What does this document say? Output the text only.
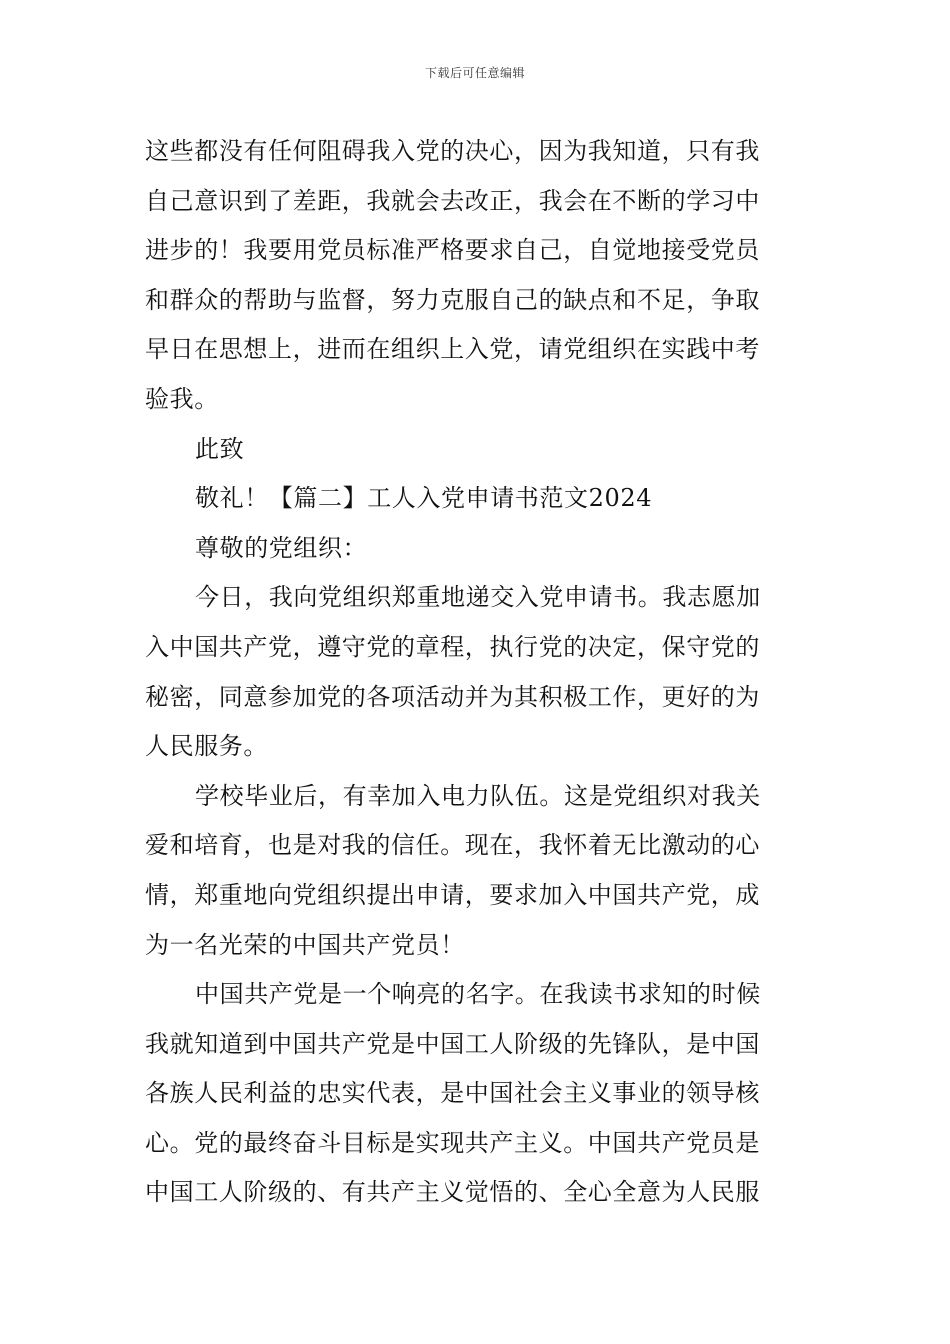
下载后可任意编辑
这些都没有任何阻碍我入党的决心，因为我知道，只有我
自己意识到了差距，我就会去改正，我会在不断的学习中
进步的！我要用党员标准严格要求自己，自觉地接受党员
和群众的帮助与监督，努力克服自己的缺点和不足，争取
早日在思想上，进而在组织上入党，请党组织在实践中考
验我。
此致
敬礼！【篇二】工人入党申请书范文2024
尊敬的党组织：
今日，我向党组织郑重地递交入党申请书。我志愿加
入中国共产党，遵守党的章程，执行党的决定，保守党的
秘密，同意参加党的各项活动并为其积极工作，更好的为
人民服务。
学校毕业后，有幸加入电力队伍。这是党组织对我关
爱和培育，也是对我的信任。现在，我怀着无比激动的心
情，郑重地向党组织提出申请，要求加入中国共产党，成
为一名光荣的中国共产党员！
中国共产党是一个响亮的名字。在我读书求知的时候
我就知道到中国共产党是中国工人阶级的先锋队，是中国
各族人民利益的忠实代表，是中国社会主义事业的领导核
心。党的最终奋斗目标是实现共产主义。中国共产党员是
中国工人阶级的、有共产主义觉悟的、全心全意为人民服
